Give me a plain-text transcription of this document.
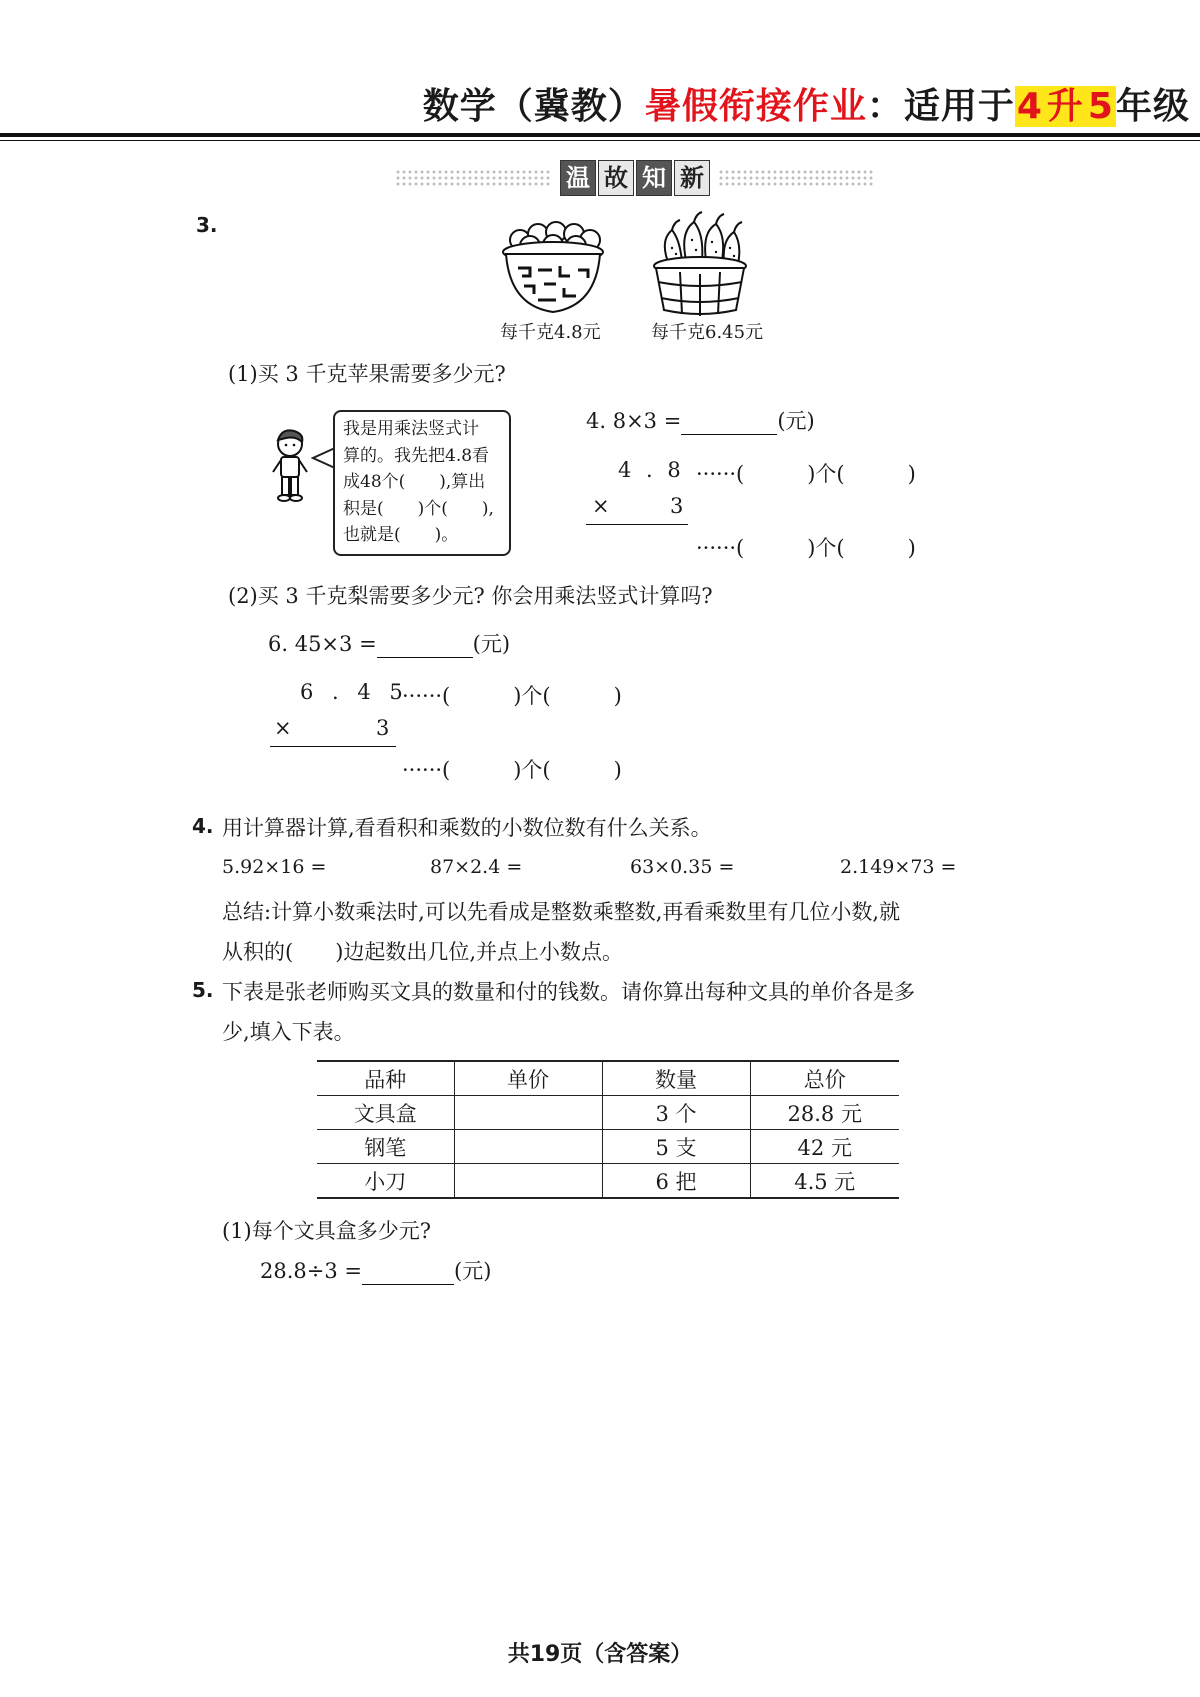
数学（冀教）暑假衔接作业：适用于4 升 5年级
温 故 知 新
3.
每千克4.8元	每千克6.45元
(1)买 3 千克苹果需要多少元?
我是用乘法竖式计
算的。我先把4.8看
成48个(　　),算出
积是(　　)个(　　),
也就是(　　)。
4. 8×3 =	(元)
4 . 8 ······(　　　)个(　　　)
×	3
······(　　　)个(　　　)
(2)买 3 千克梨需要多少元? 你会用乘法竖式计算吗?
6. 45×3 =	(元)
6 . 4 5
······(　　　)个(　　　)
×	3
······(　　　)个(　　　)
4. 用计算器计算,看看积和乘数的小数位数有什么关系。
5.92×16 =	87×2.4 =	63×0.35 =	2.149×73 =
总结:计算小数乘法时,可以先看成是整数乘整数,再看乘数里有几位小数,就
从积的(　　)边起数出几位,并点上小数点。
5. 下表是张老师购买文具的数量和付的钱数。请你算出每种文具的单价各是多
少,填入下表。
品种	单价	数量	总价
文具盒		3 个	28.8 元
钢笔		5 支	42 元
小刀		6 把	4.5 元
(1)每个文具盒多少元?
28.8÷3 =	(元)
共19页（含答案）
